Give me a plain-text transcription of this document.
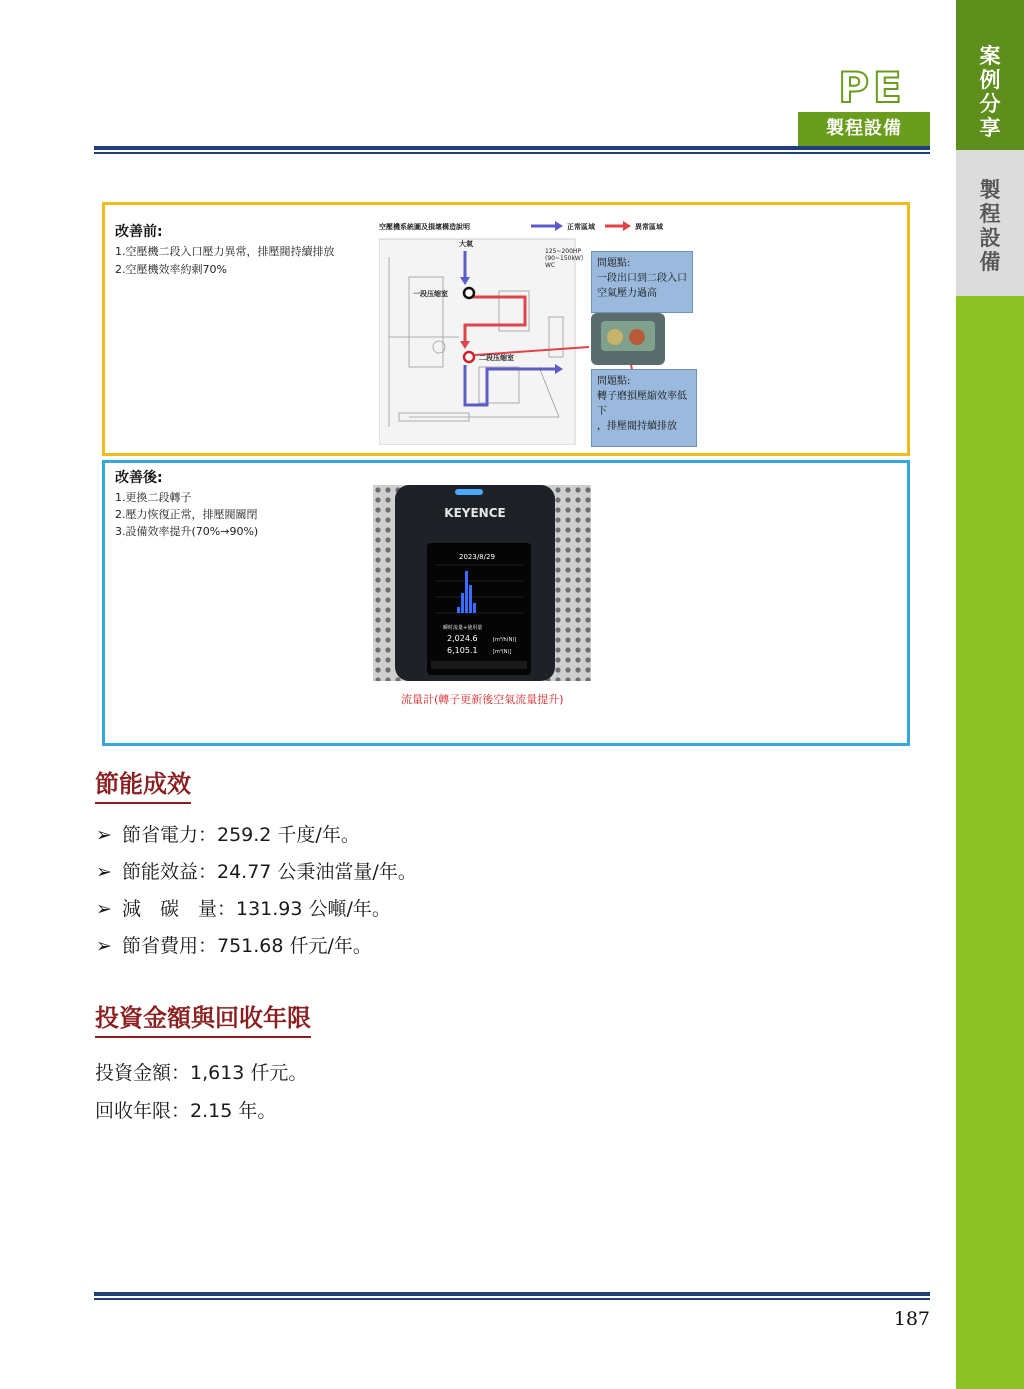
案
例
分
享
製
程
設
備
PE
製程設備
改善前:
1.空壓機二段入口壓力異常，排壓閥持續排放
2.空壓機效率約剩70%
空壓機系統圖及損壞構造說明	正常區域	異常區域
大氣
125~200HP
(90~150kW)
WC
一段压缩室
二段压缩室
問題點:
一段出口到二段入口
空氣壓力過高
問題點:
轉子磨損壓縮效率低下
，排壓閥持續排放
改善後:
1.更換二段轉子
2.壓力恢復正常，排壓閥關閉
3.設備效率提升(70%→90%)
KEYENCE
2023/8/29
瞬时流量+使用量
2,024.6	[m³/h(N)]
6,105.1	[m³(N)]
流量計(轉子更新後空氣流量提升)
節能成效
➢ 節省電力：259.2 千度/年。
➢ 節能效益：24.77 公秉油當量/年。
➢ 減　碳　量：131.93 公噸/年。
➢ 節省費用：751.68 仟元/年。
投資金額與回收年限
投資金額：1,613 仟元。
回收年限：2.15 年。
187
